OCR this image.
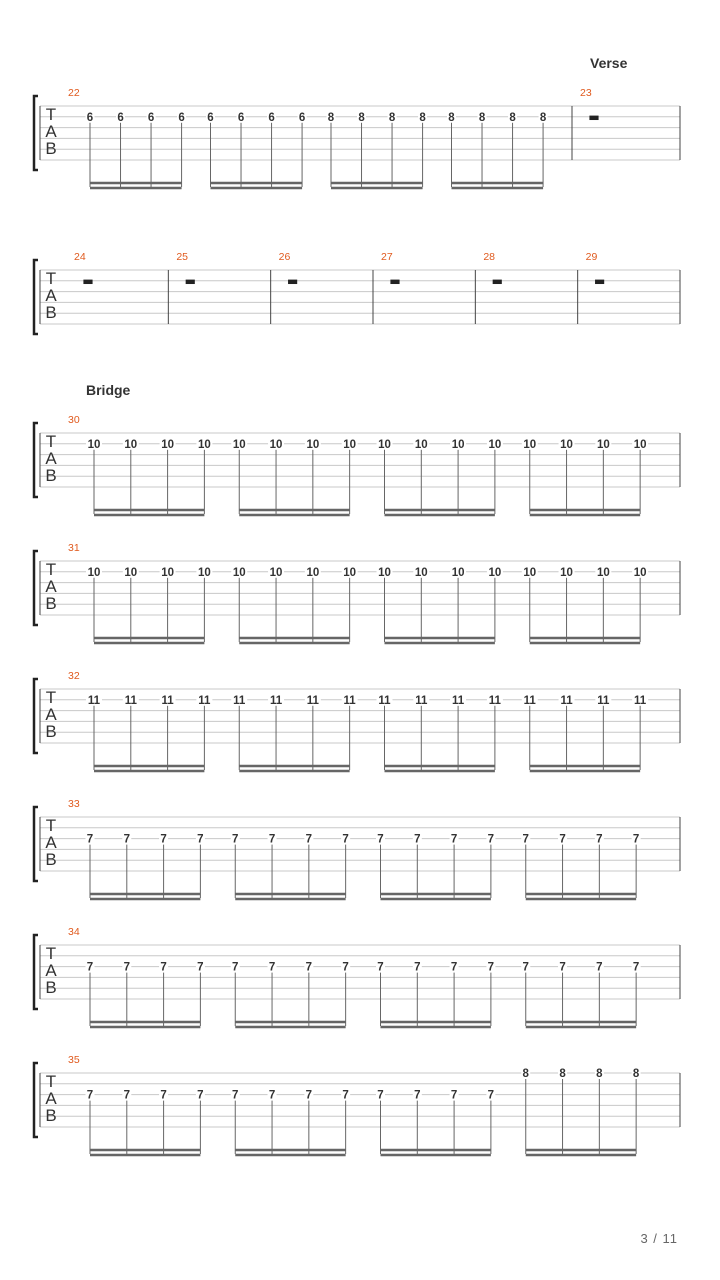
Verse
T
A
B
22
6 6 6 6 6 6 6 6 8 8 8 8 8 8 8 8
23
▬
T
A
B
24
▬
25
▬
26
▬
27
▬
28
▬
29
▬
Bridge
T
A
B
30
10 10 10 10 10 10 10 10 10 10 10 10 10 10 10 10
T
A
B
31
10 10 10 10 10 10 10 10 10 10 10 10 10 10 10 10
T
A
B
32
11 11 11 11 11 11 11 11 11 11 11 11 11 11 11 11
T
A
B
33
7	7	7	7 7	7	7	7 7	7	7	7 7	7	7	7
T
A
B
34
7	7	7	7 7	7	7	7 7	7	7	7 7	7	7	7
T
A
B
35
7	7	7	7 7	7	7	7 7	7	7	7
8	8	8	8
3 / 11
